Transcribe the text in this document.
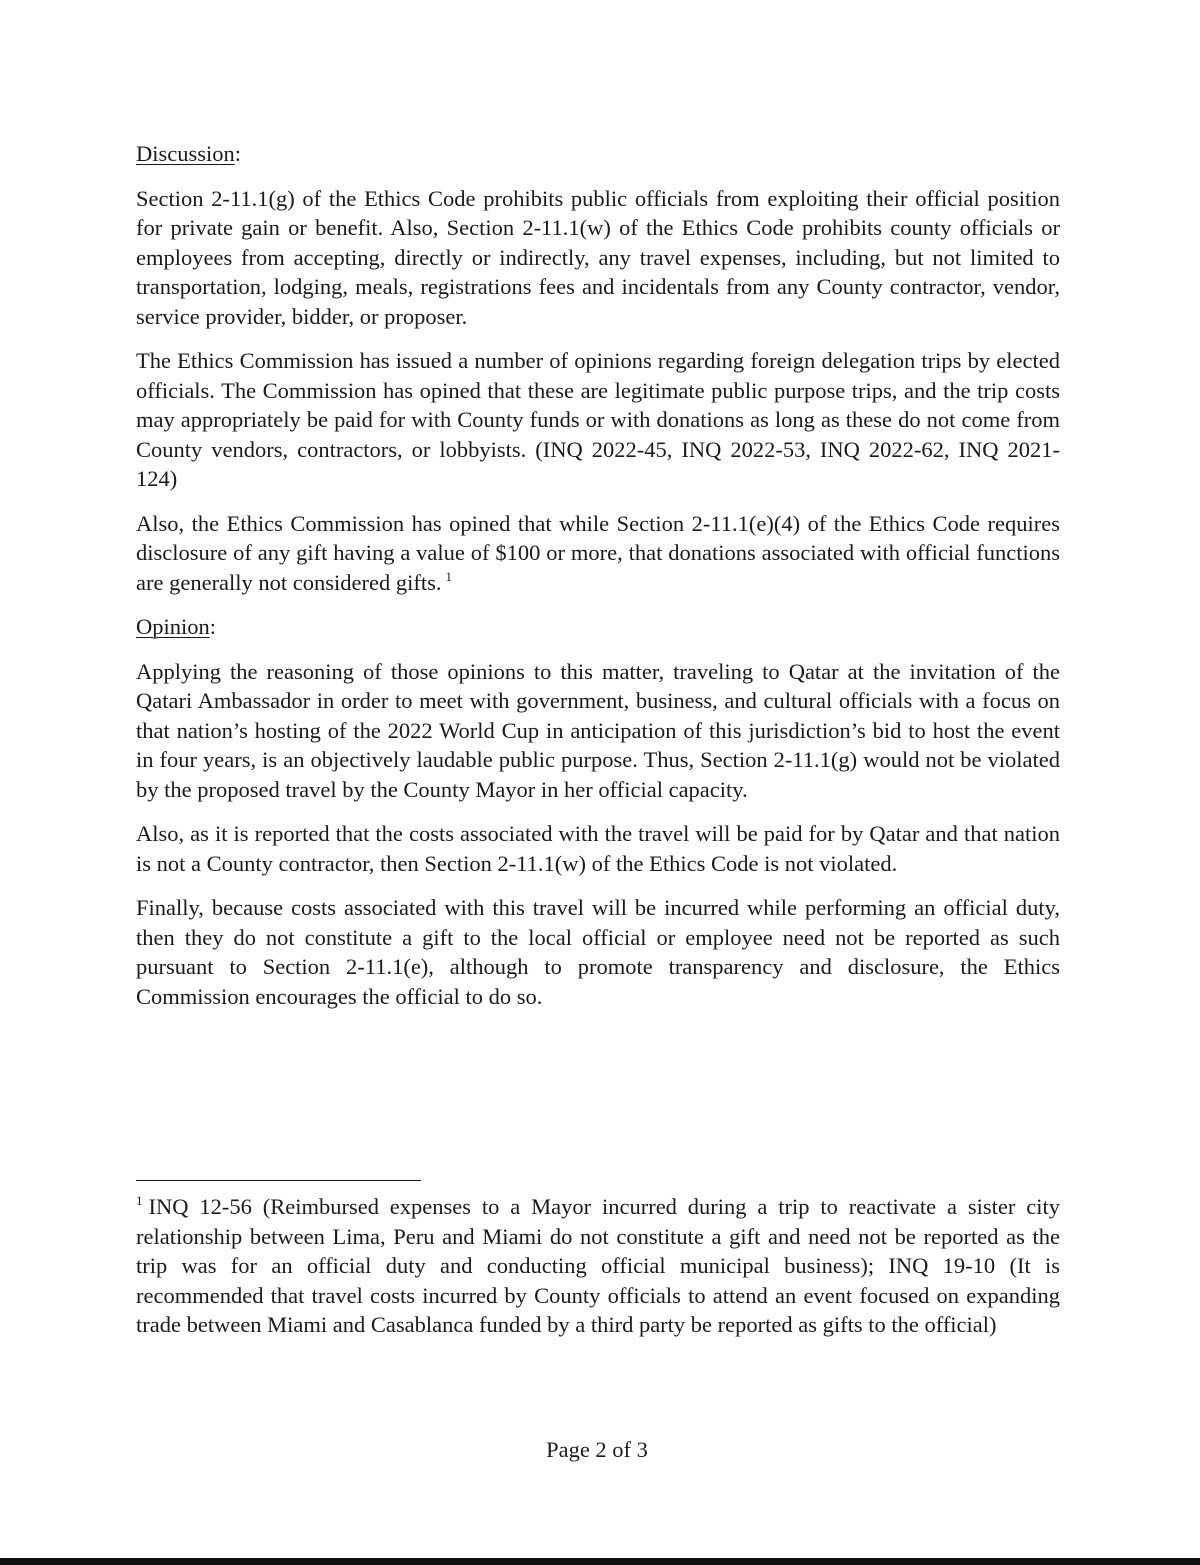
Discussion:

Section 2-11.1(g) of the Ethics Code prohibits public officials from exploiting their official position for private gain or benefit. Also, Section 2-11.1(w) of the Ethics Code prohibits county officials or employees from accepting, directly or indirectly, any travel expenses, including, but not limited to transportation, lodging, meals, registrations fees and incidentals from any County contractor, vendor, service provider, bidder, or proposer.

The Ethics Commission has issued a number of opinions regarding foreign delegation trips by elected officials. The Commission has opined that these are legitimate public purpose trips, and the trip costs may appropriately be paid for with County funds or with donations as long as these do not come from County vendors, contractors, or lobbyists. (INQ 2022-45, INQ 2022-53, INQ 2022-62, INQ 2021-124)

Also, the Ethics Commission has opined that while Section 2-11.1(e)(4) of the Ethics Code requires disclosure of any gift having a value of $100 or more, that donations associated with official functions are generally not considered gifts. $^1$

Opinion:

Applying the reasoning of those opinions to this matter, traveling to Qatar at the invitation of the Qatari Ambassador in order to meet with government, business, and cultural officials with a focus on that nation’s hosting of the 2022 World Cup in anticipation of this jurisdiction’s bid to host the event in four years, is an objectively laudable public purpose. Thus, Section 2-11.1(g) would not be violated by the proposed travel by the County Mayor in her official capacity.

Also, as it is reported that the costs associated with the travel will be paid for by Qatar and that nation is not a County contractor, then Section 2-11.1(w) of the Ethics Code is not violated.

Finally, because costs associated with this travel will be incurred while performing an official duty, then they do not constitute a gift to the local official or employee need not be reported as such pursuant to Section 2-11.1(e), although to promote transparency and disclosure, the Ethics Commission encourages the official to do so.

$^1$ INQ 12-56 (Reimbursed expenses to a Mayor incurred during a trip to reactivate a sister city relationship between Lima, Peru and Miami do not constitute a gift and need not be reported as the trip was for an official duty and conducting official municipal business); INQ 19-10 (It is recommended that travel costs incurred by County officials to attend an event focused on expanding trade between Miami and Casablanca funded by a third party be reported as gifts to the official)

Page 2 of 3
